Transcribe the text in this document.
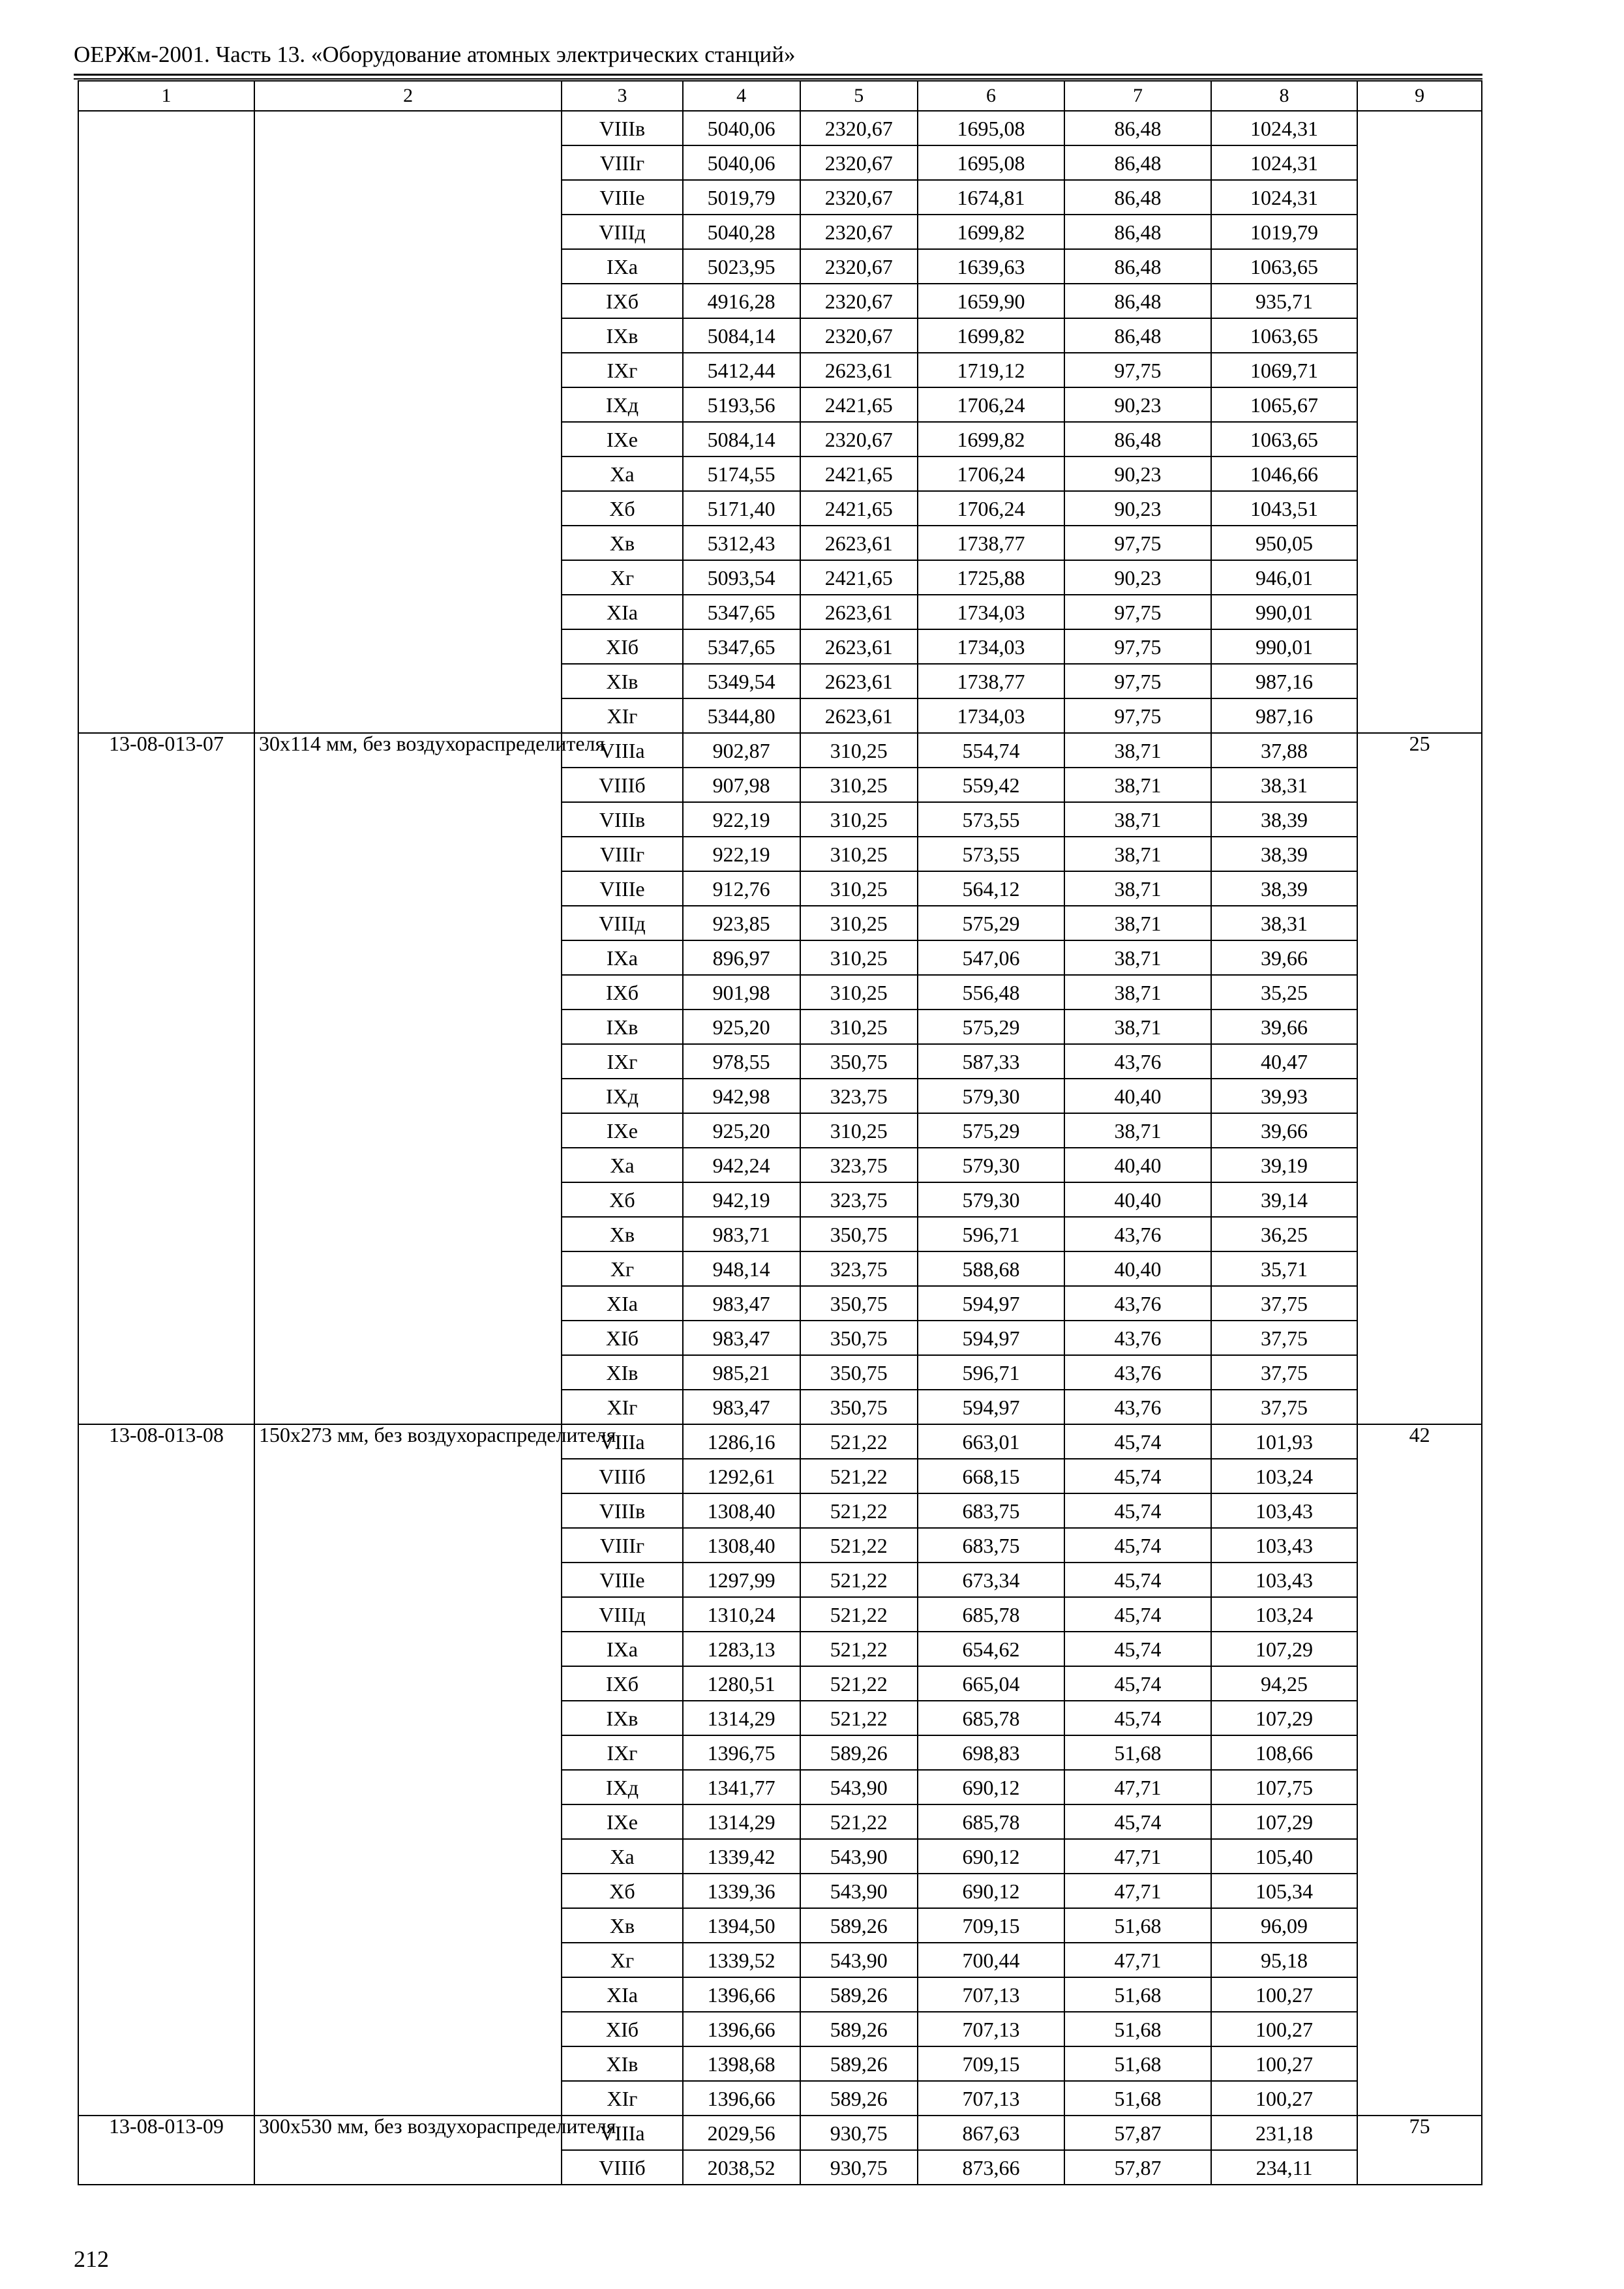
ОЕРЖм-2001. Часть 13. «Оборудование атомных электрических станций»
1	2	3	4	5	6	7	8	9
		VIIIв	5040,06	2320,67	1695,08	86,48	1024,31	
		VIIIг	5040,06	2320,67	1695,08	86,48	1024,31	
		VIIIе	5019,79	2320,67	1674,81	86,48	1024,31	
		VIIIд	5040,28	2320,67	1699,82	86,48	1019,79	
		IXа	5023,95	2320,67	1639,63	86,48	1063,65	
		IXб	4916,28	2320,67	1659,90	86,48	935,71	
		IXв	5084,14	2320,67	1699,82	86,48	1063,65	
		IXг	5412,44	2623,61	1719,12	97,75	1069,71	
		IXд	5193,56	2421,65	1706,24	90,23	1065,67	
		IXе	5084,14	2320,67	1699,82	86,48	1063,65	
		Xа	5174,55	2421,65	1706,24	90,23	1046,66	
		Xб	5171,40	2421,65	1706,24	90,23	1043,51	
		Xв	5312,43	2623,61	1738,77	97,75	950,05	
		Xг	5093,54	2421,65	1725,88	90,23	946,01	
		XIа	5347,65	2623,61	1734,03	97,75	990,01	
		XIб	5347,65	2623,61	1734,03	97,75	990,01	
		XIв	5349,54	2623,61	1738,77	97,75	987,16	
		XIг	5344,80	2623,61	1734,03	97,75	987,16	
13-08-013-07	30x114 мм, без воздухораспределителя	VIIIа	902,87	310,25	554,74	38,71	37,88	25
		VIIIб	907,98	310,25	559,42	38,71	38,31	
		VIIIв	922,19	310,25	573,55	38,71	38,39	
		VIIIг	922,19	310,25	573,55	38,71	38,39	
		VIIIе	912,76	310,25	564,12	38,71	38,39	
		VIIIд	923,85	310,25	575,29	38,71	38,31	
		IXа	896,97	310,25	547,06	38,71	39,66	
		IXб	901,98	310,25	556,48	38,71	35,25	
		IXв	925,20	310,25	575,29	38,71	39,66	
		IXг	978,55	350,75	587,33	43,76	40,47	
		IXд	942,98	323,75	579,30	40,40	39,93	
		IXе	925,20	310,25	575,29	38,71	39,66	
		Xа	942,24	323,75	579,30	40,40	39,19	
		Xб	942,19	323,75	579,30	40,40	39,14	
		Xв	983,71	350,75	596,71	43,76	36,25	
		Xг	948,14	323,75	588,68	40,40	35,71	
		XIа	983,47	350,75	594,97	43,76	37,75	
		XIб	983,47	350,75	594,97	43,76	37,75	
		XIв	985,21	350,75	596,71	43,76	37,75	
		XIг	983,47	350,75	594,97	43,76	37,75	
13-08-013-08	150x273 мм, без воздухораспределителя	VIIIа	1286,16	521,22	663,01	45,74	101,93	42
		VIIIб	1292,61	521,22	668,15	45,74	103,24	
		VIIIв	1308,40	521,22	683,75	45,74	103,43	
		VIIIг	1308,40	521,22	683,75	45,74	103,43	
		VIIIе	1297,99	521,22	673,34	45,74	103,43	
		VIIIд	1310,24	521,22	685,78	45,74	103,24	
		IXа	1283,13	521,22	654,62	45,74	107,29	
		IXб	1280,51	521,22	665,04	45,74	94,25	
		IXв	1314,29	521,22	685,78	45,74	107,29	
		IXг	1396,75	589,26	698,83	51,68	108,66	
		IXд	1341,77	543,90	690,12	47,71	107,75	
		IXе	1314,29	521,22	685,78	45,74	107,29	
		Xа	1339,42	543,90	690,12	47,71	105,40	
		Xб	1339,36	543,90	690,12	47,71	105,34	
		Xв	1394,50	589,26	709,15	51,68	96,09	
		Xг	1339,52	543,90	700,44	47,71	95,18	
		XIа	1396,66	589,26	707,13	51,68	100,27	
		XIб	1396,66	589,26	707,13	51,68	100,27	
		XIв	1398,68	589,26	709,15	51,68	100,27	
		XIг	1396,66	589,26	707,13	51,68	100,27	
13-08-013-09	300x530 мм, без воздухораспределителя	VIIIа	2029,56	930,75	867,63	57,87	231,18	75
		VIIIб	2038,52	930,75	873,66	57,87	234,11	
212
